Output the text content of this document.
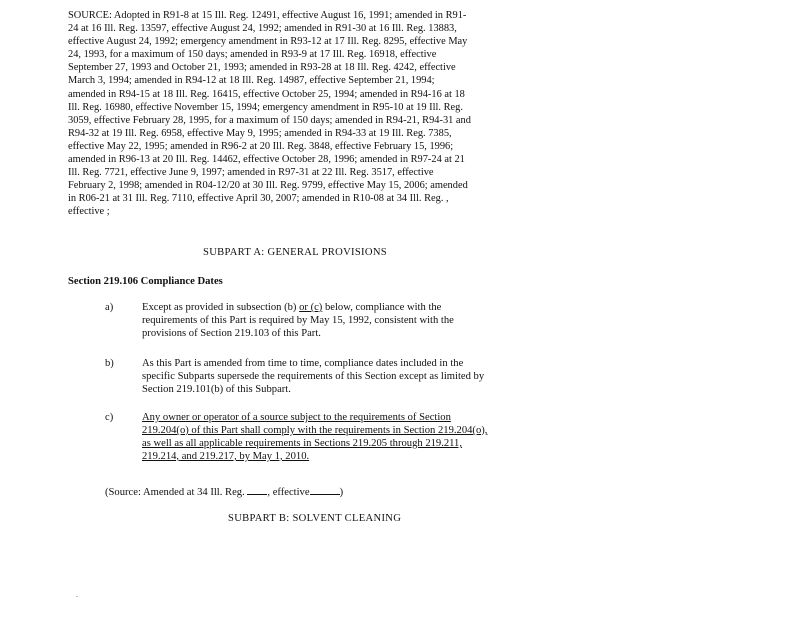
SOURCE: Adopted in R91-8 at 15 Ill. Reg. 12491, effective August 16, 1991; amended in R91-
24 at 16 Ill. Reg. 13597, effective August 24, 1992; amended in R91-30 at 16 Ill. Reg. 13883,
effective August 24, 1992; emergency amendment in R93-12 at 17 Ill. Reg. 8295, effective May
24, 1993, for a maximum of 150 days; amended in R93-9 at 17 Ill. Reg. 16918, effective
September 27, 1993 and October 21, 1993; amended in R93-28 at 18 Ill. Reg. 4242, effective
March 3, 1994; amended in R94-12 at 18 Ill. Reg. 14987, effective September 21, 1994;
amended in R94-15 at 18 Ill. Reg. 16415, effective October 25, 1994; amended in R94-16 at 18
Ill. Reg. 16980, effective November 15, 1994; emergency amendment in R95-10 at 19 Ill. Reg.
3059, effective February 28, 1995, for a maximum of 150 days; amended in R94-21, R94-31 and
R94-32 at 19 Ill. Reg. 6958, effective May 9, 1995; amended in R94-33 at 19 Ill. Reg. 7385,
effective May 22, 1995; amended in R96-2 at 20 Ill. Reg. 3848, effective February 15, 1996;
amended in R96-13 at 20 Ill. Reg. 14462, effective October 28, 1996; amended in R97-24 at 21
Ill. Reg. 7721, effective June 9, 1997; amended in R97-31 at 22 Ill. Reg. 3517, effective
February 2, 1998; amended in R04-12/20 at 30 Ill. Reg. 9799, effective May 15, 2006; amended
in R06-21 at 31 Ill. Reg. 7110, effective April 30, 2007; amended in R10-08 at 34 Ill. Reg. ,
effective ;

SUBPART A: GENERAL PROVISIONS

Section 219.106 Compliance Dates

a)	Except as provided in subsection (b) or (c) below, compliance with the
requirements of this Part is required by May 15, 1992, consistent with the
provisions of Section 219.103 of this Part.
b)	As this Part is amended from time to time, compliance dates included in the
specific Subparts supersede the requirements of this Section except as limited by
Section 219.101(b) of this Subpart.
c)	Any owner or operator of a source subject to the requirements of Section
219.204(o) of this Part shall comply with the requirements in Section 219.204(o),
as well as all applicable requirements in Sections 219.205 through 219.211,
219.214, and 219.217, by May 1, 2010.

(Source: Amended at 34 Ill. Reg. , effective	)

SUBPART B: SOLVENT CLEANING

.
